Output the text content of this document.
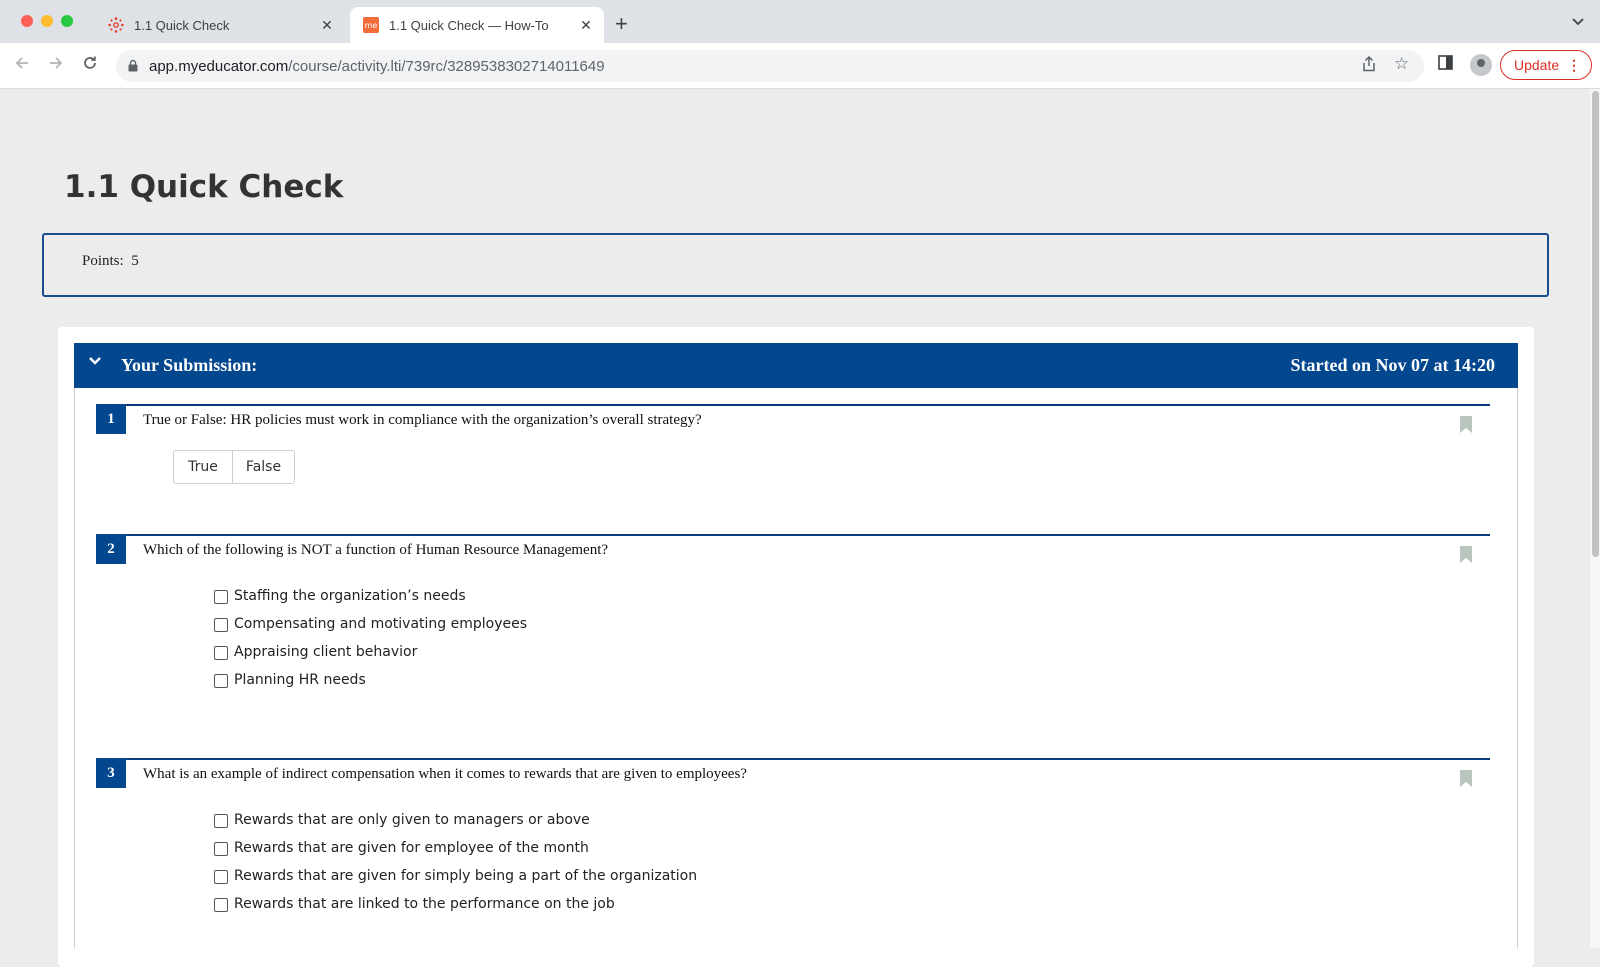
1.1 Quick Check	✕	me 1.1 Quick Check — How-To	✕ +
app.myeducator.com/course/activity.lti/739rc/3289538302714011649	☆	Update ⋮
1.1 Quick Check
Points: 5
Your Submission:	Started on Nov 07 at 14:20
1	True or False: HR policies must work in compliance with the organization’s overall strategy?
True	False
2	Which of the following is NOT a function of Human Resource Management?
Staffing the organization’s needs
Compensating and motivating employees
Appraising client behavior
Planning HR needs
3	What is an example of indirect compensation when it comes to rewards that are given to employees?
Rewards that are only given to managers or above
Rewards that are given for employee of the month
Rewards that are given for simply being a part of the organization
Rewards that are linked to the performance on the job
